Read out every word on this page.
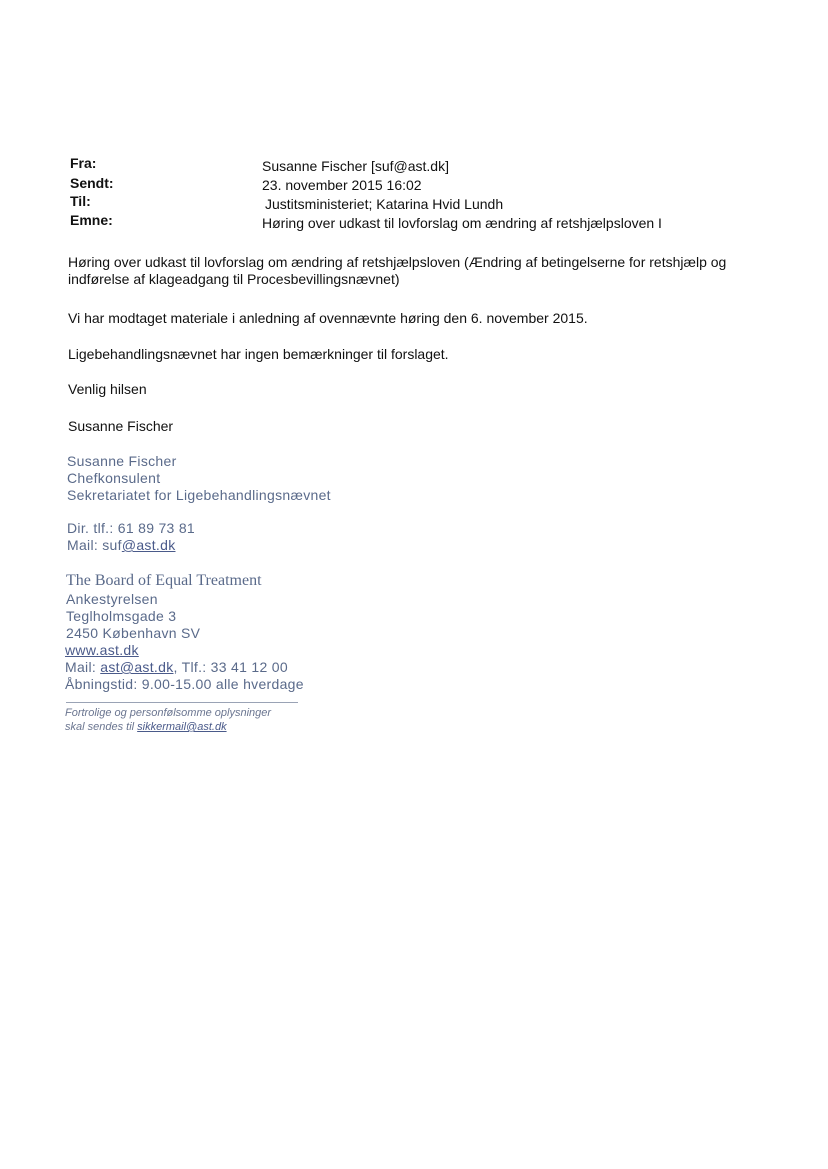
Fra:	Susanne Fischer [suf@ast.dk]
Sendt:	23. november 2015 16:02
Til:	Justitsministeriet; Katarina Hvid Lundh
Emne:	Høring over udkast til lovforslag om ændring af retshjælpsloven I
Høring over udkast til lovforslag om ændring af retshjælpsloven (Ændring af betingelserne for retshjælp og
indførelse af klageadgang til Procesbevillingsnævnet)
Vi har modtaget materiale i anledning af ovennævnte høring den 6. november 2015.
Ligebehandlingsnævnet har ingen bemærkninger til forslaget.
Venlig hilsen
Susanne Fischer
Susanne Fischer
Chefkonsulent
Sekretariatet for Ligebehandlingsnævnet
Dir. tlf.: 61 89 73 81
Mail: suf@ast.dk
The Board of Equal Treatment
Ankestyrelsen
Teglholmsgade 3
2450 København SV
www.ast.dk
Mail: ast@ast.dk, Tlf.: 33 41 12 00
Åbningstid: 9.00-15.00 alle hverdage
Fortrolige og personfølsomme oplysninger
skal sendes til sikkermail@ast.dk
